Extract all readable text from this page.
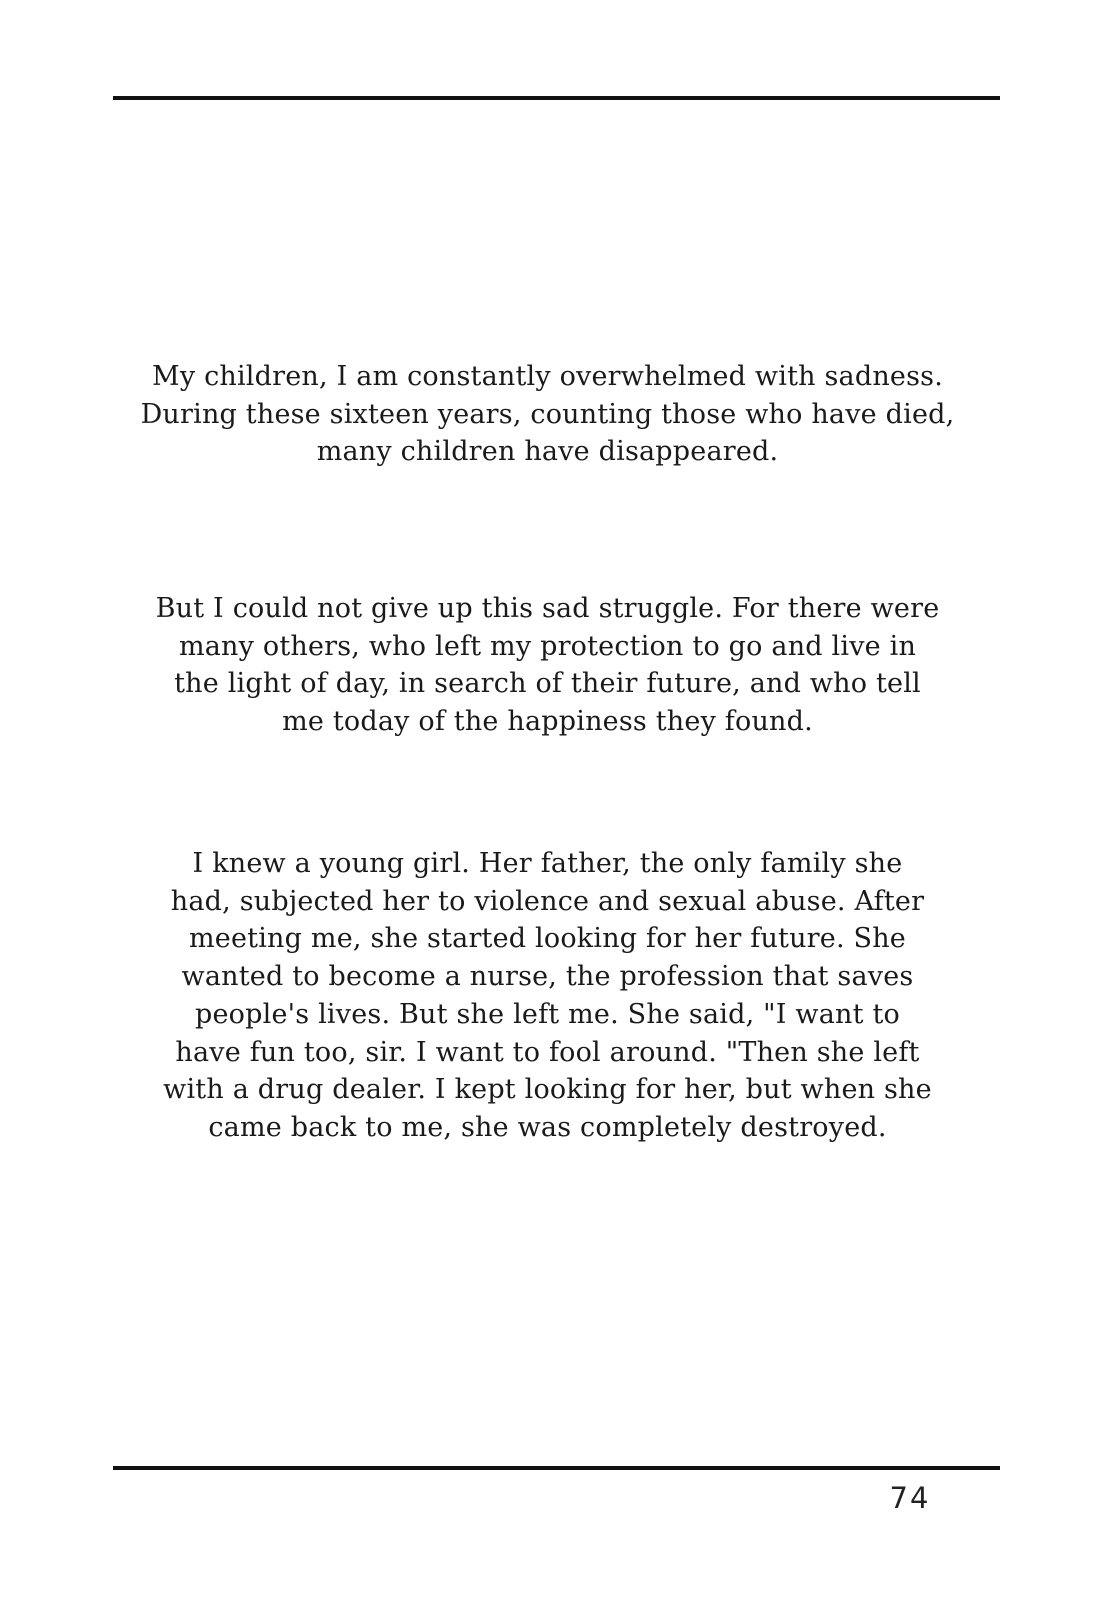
My children, I am constantly overwhelmed with sadness.
During these sixteen years, counting those who have died,
many children have disappeared.

But I could not give up this sad struggle. For there were
many others, who left my protection to go and live in
the light of day, in search of their future, and who tell
me today of the happiness they found.

I knew a young girl. Her father, the only family she
had, subjected her to violence and sexual abuse. After
meeting me, she started looking for her future. She
wanted to become a nurse, the profession that saves
people's lives. But she left me. She said, "I want to
have fun too, sir. I want to fool around. "Then she left
with a drug dealer. I kept looking for her, but when she
came back to me, she was completely destroyed.

74
